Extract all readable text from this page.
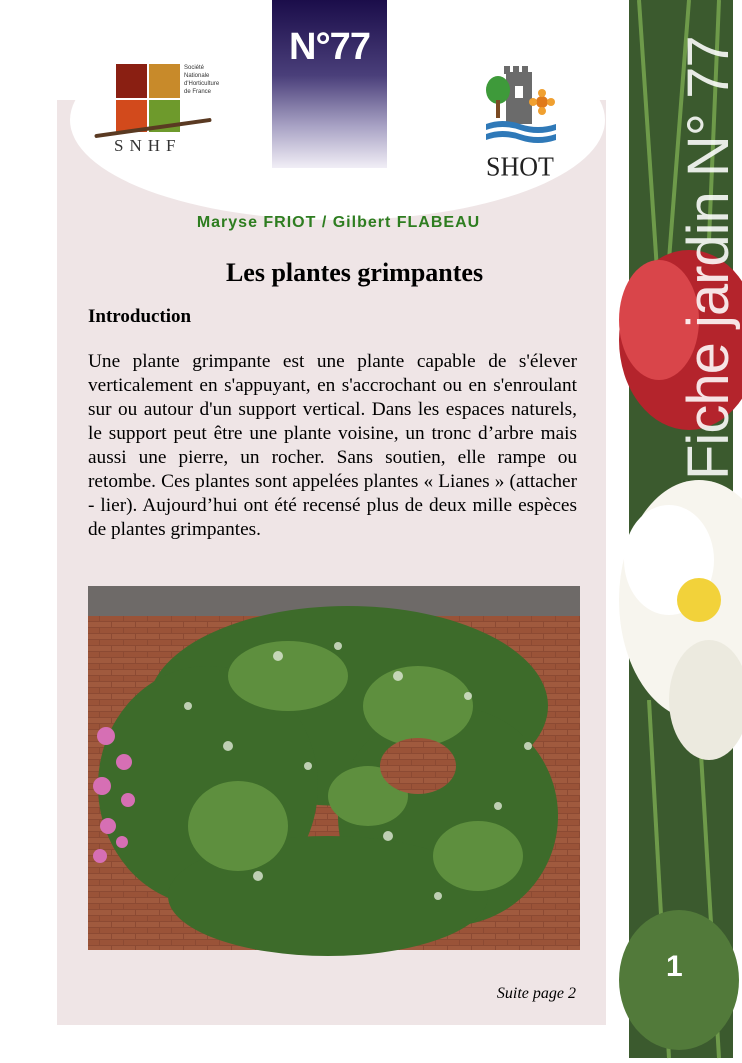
N°77
Société
Nationale
d'Horticulture
de France
SNHF
SHOT
Maryse FRIOT / Gilbert FLABEAU
Les plantes grimpantes
Introduction

Une plante grimpante est une plante capable de s'élever verticalement en s'appuyant, en s'accrochant ou en s'enroulant sur ou autour d'un support vertical. Dans les espaces naturels, le support peut être une plante voisine, un tronc d’arbre mais aussi une pierre, un rocher. Sans soutien, elle rampe ou retombe. Ces plantes sont appelées plantes « Lianes » (attacher - lier). Aujourd’hui ont été recensé plus de deux mille espèces de plantes grimpantes.

Suite page 2
Fiche jardin N° 77
1
